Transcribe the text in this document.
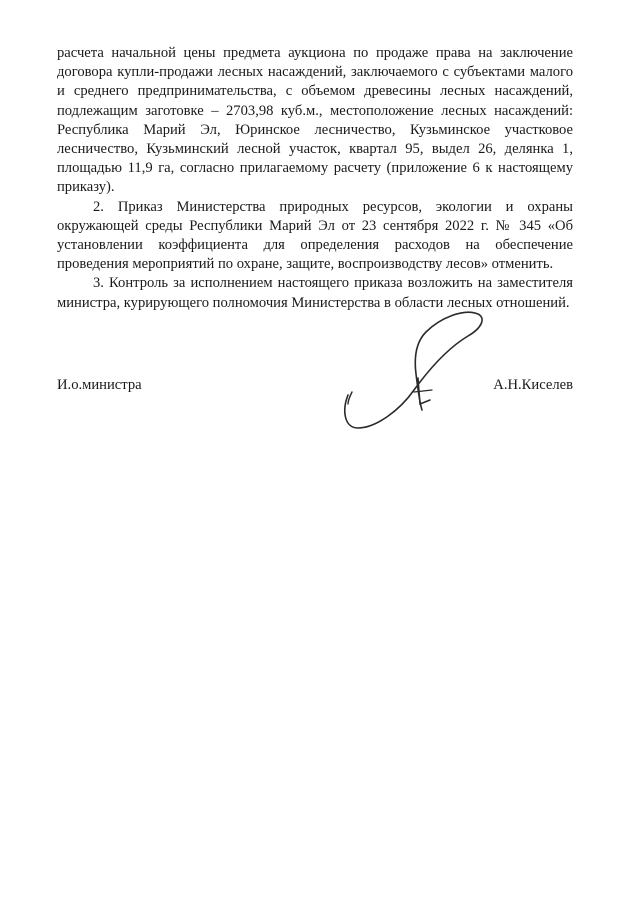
расчета начальной цены предмета аукциона по продаже права на заключение договора купли-продажи лесных насаждений, заключаемого с субъектами малого и среднего предпринимательства, с объемом древесины лесных насаждений, подлежащим заготовке – 2703,98 куб.м., местоположение лесных насаждений: Республика Марий Эл, Юринское лесничество, Кузьминское участковое лесничество, Кузьминский лесной участок, квартал 95, выдел 26, делянка 1, площадью 11,9 га, согласно прилагаемому расчету (приложение 6 к настоящему приказу).

2. Приказ Министерства природных ресурсов, экологии и охраны окружающей среды Республики Марий Эл от 23 сентября 2022 г. № 345 «Об установлении коэффициента для определения расходов на обеспечение проведения мероприятий по охране, защите, воспроизводству лесов» отменить.

3. Контроль за исполнением настоящего приказа возложить на заместителя министра, курирующего полномочия Министерства в области лесных отношений.

И.о.министра	А.Н.Киселев
